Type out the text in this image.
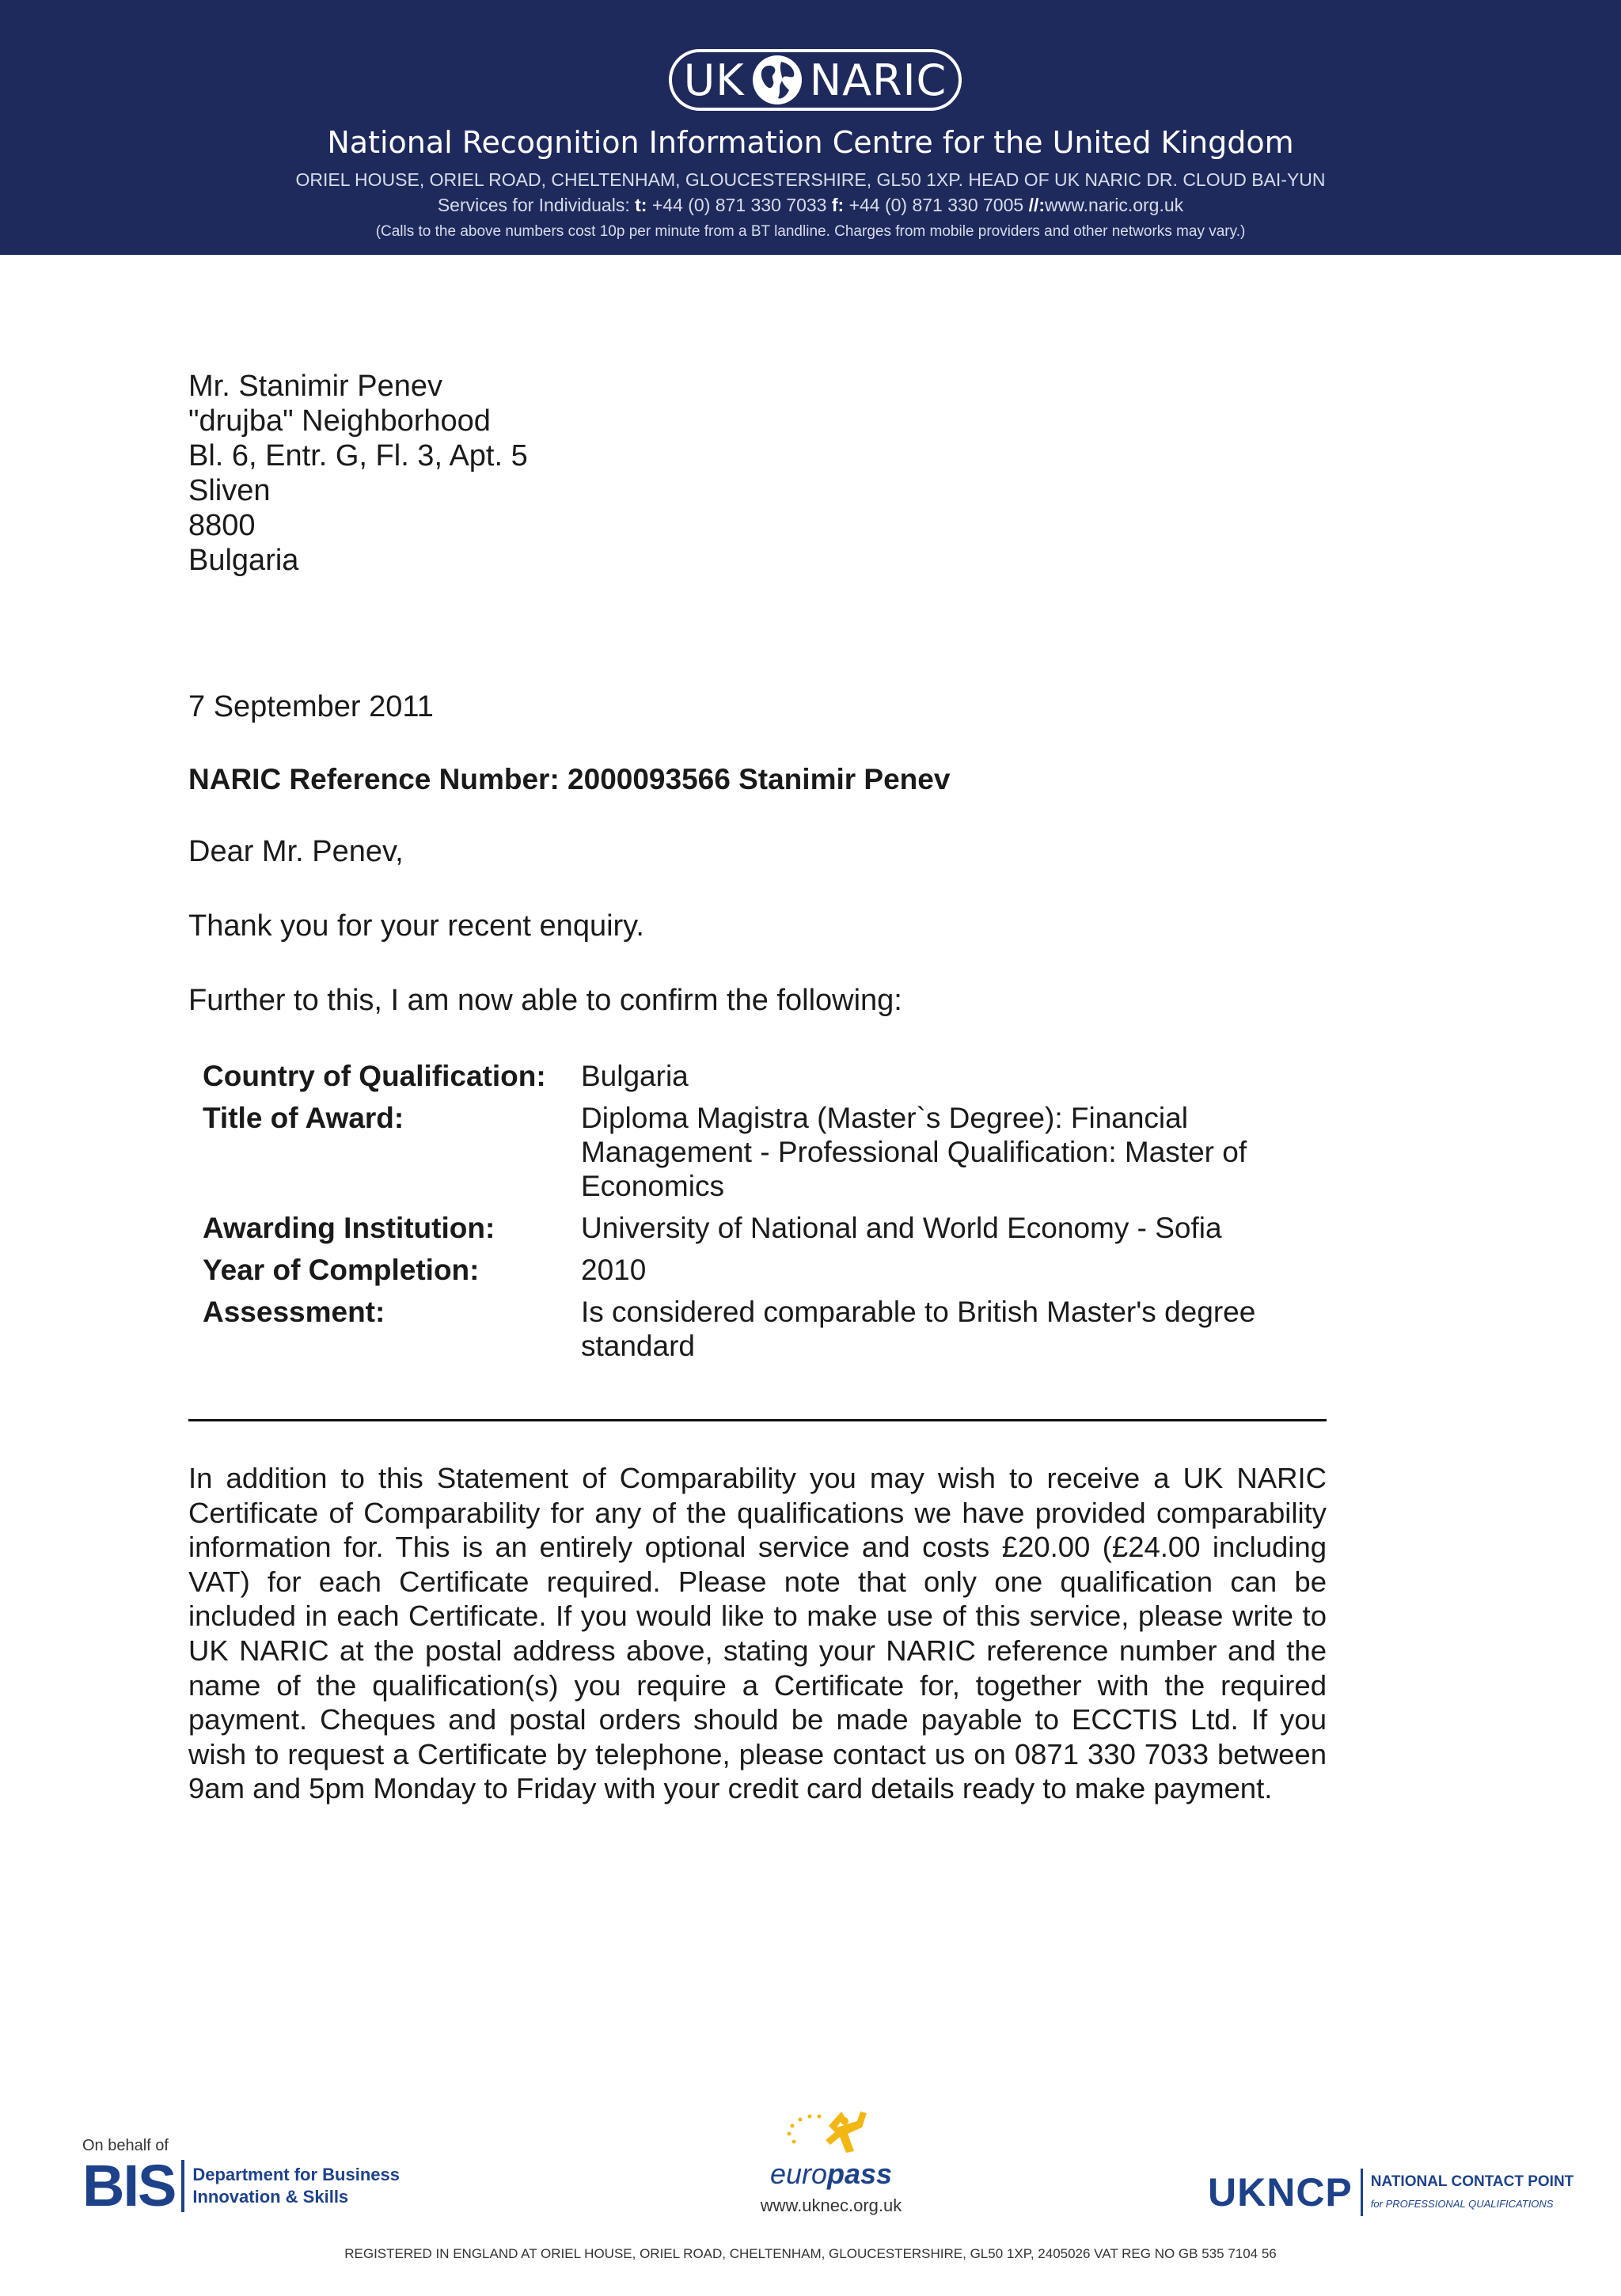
UK NARIC
National Recognition Information Centre for the United Kingdom
ORIEL HOUSE, ORIEL ROAD, CHELTENHAM, GLOUCESTERSHIRE, GL50 1XP. HEAD OF UK NARIC DR. CLOUD BAI-YUN
Services for Individuals: t: +44 (0) 871 330 7033 f: +44 (0) 871 330 7005 //:www.naric.org.uk
(Calls to the above numbers cost 10p per minute from a BT landline. Charges from mobile providers and other networks may vary.)
Mr. Stanimir Penev
"drujba" Neighborhood
Bl. 6, Entr. G, Fl. 3, Apt. 5
Sliven
8800
Bulgaria
7 September 2011
NARIC Reference Number: 2000093566 Stanimir Penev
Dear Mr. Penev,
Thank you for your recent enquiry.
Further to this, I am now able to confirm the following:
Country of Qualification:	Bulgaria
Title of Award:	Diploma Magistra (Master`s Degree): Financial Management - Professional Qualification: Master of Economics
Awarding Institution:	University of National and World Economy - Sofia
Year of Completion:	2010
Assessment:	Is considered comparable to British Master's degree standard
In addition to this Statement of Comparability you may wish to receive a UK NARIC Certificate of Comparability for any of the qualifications we have provided comparability information for. This is an entirely optional service and costs £20.00 (£24.00 including VAT) for each Certificate required. Please note that only one qualification can be included in each Certificate. If you would like to make use of this service, please write to UK NARIC at the postal address above, stating your NARIC reference number and the name of the qualification(s) you require a Certificate for, together with the required payment. Cheques and postal orders should be made payable to ECCTIS Ltd. If you wish to request a Certificate by telephone, please contact us on 0871 330 7033 between 9am and 5pm Monday to Friday with your credit card details ready to make payment.
On behalf of
BIS Department for Business
Innovation & Skills
europass
www.uknec.org.uk	UKNCP NATIONAL CONTACT POINT
for PROFESSIONAL QUALIFICATIONS
REGISTERED IN ENGLAND AT ORIEL HOUSE, ORIEL ROAD, CHELTENHAM, GLOUCESTERSHIRE, GL50 1XP, 2405026 VAT REG NO GB 535 7104 56
